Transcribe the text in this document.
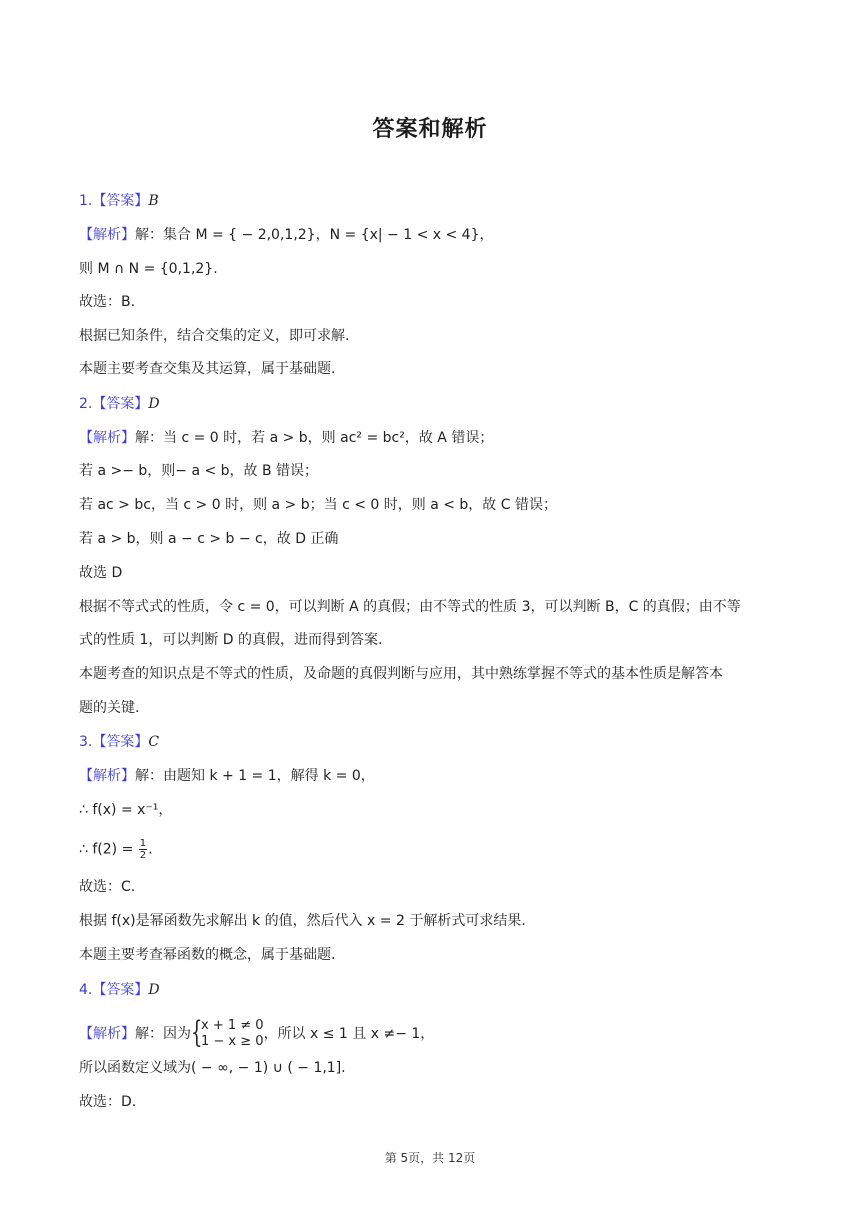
答案和解析
1.【答案】B
【解析】解：集合 M = { − 2,0,1,2}，N = {x| − 1 < x < 4}，
则 M ∩ N = {0,1,2}.
故选：B.
根据已知条件，结合交集的定义，即可求解.
本题主要考查交集及其运算，属于基础题.
2.【答案】D
【解析】解：当 c = 0 时，若 a > b，则 ac² = bc²，故 A 错误；
若 a >− b，则− a < b，故 B 错误；
若 ac > bc，当 c > 0 时，则 a > b；当 c < 0 时，则 a < b，故 C 错误；
若 a > b，则 a − c > b − c，故 D 正确
故选 D
根据不等式式的性质，令 c = 0，可以判断 A 的真假；由不等式的性质 3，可以判断 B，C 的真假；由不等
式的性质 1，可以判断 D 的真假，进而得到答案.
本题考查的知识点是不等式的性质，及命题的真假判断与应用，其中熟练掌握不等式的基本性质是解答本
题的关键.
3.【答案】C
【解析】解：由题知 k + 1 = 1，解得 k = 0，
∴ f(x) = x⁻¹，
∴ $f(2) = \frac{1}{2}$ .
故选：C.
根据 f(x)是幂函数先求解出 k 的值，然后代入 x = 2 于解析式可求结果.
本题主要考查幂函数的概念，属于基础题.
4.【答案】D
【解析】解：因为 {
x + 1 ≠ 0
1 − x ≥ 0 ，所以 x ≤ 1 且 x ≠− 1，
所以函数定义域为( − ∞, − 1) ∪ ( − 1,1].
故选：D.
第 5页，共 12页
